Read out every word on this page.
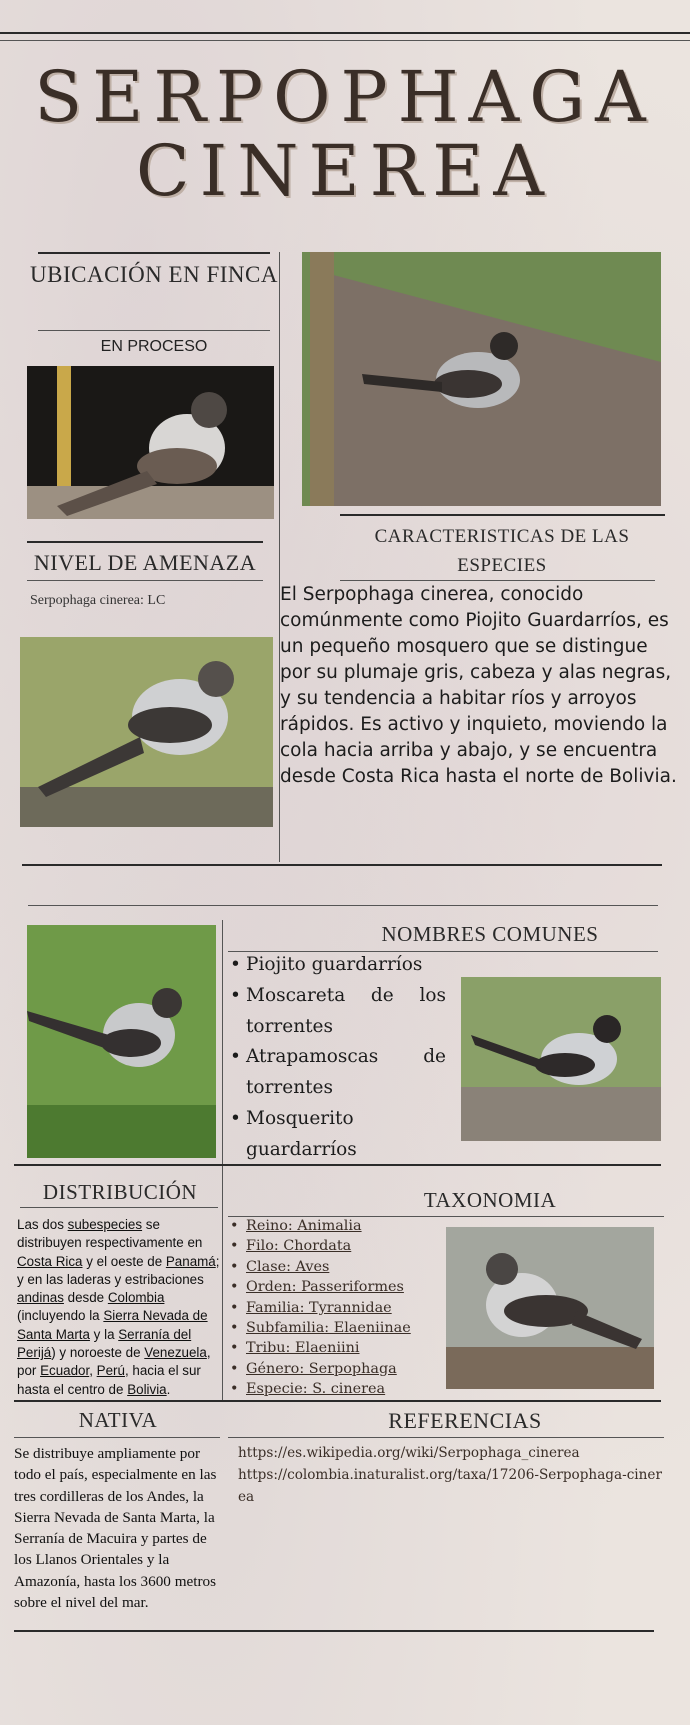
SERPOPHAGA
CINEREA
UBICACIÓN EN FINCA
EN PROCESO
NIVEL DE AMENAZA
Serpophaga cinerea: LC
CARACTERISTICAS DE LAS ESPECIES
El Serpophaga cinerea, conocido comúnmente como Piojito Guardarríos, es un pequeño mosquero que se distingue por su plumaje gris, cabeza y alas negras, y su tendencia a habitar ríos y arroyos rápidos. Es activo y inquieto, moviendo la cola hacia arriba y abajo, y se encuentra desde Costa Rica hasta el norte de Bolivia.
NOMBRES COMUNES
• Piojito guardarríos
• Moscareta de los torrentes
• Atrapamoscas de torrentes
• Mosquerito guardarríos
DISTRIBUCIÓN
Las dos subespecies se distribuyen respectivamente en Costa Rica y el oeste de Panamá; y en las laderas y estribaciones andinas desde Colombia (incluyendo la Sierra Nevada de Santa Marta y la Serranía del Perijá) y noroeste de Venezuela, por Ecuador, Perú, hacia el sur hasta el centro de Bolivia.
TAXONOMIA
• Reino: Animalia
• Filo: Chordata
• Clase: Aves
• Orden: Passeriformes
• Familia: Tyrannidae
• Subfamilia: Elaeniinae
• Tribu: Elaeniini
• Género: Serpophaga
• Especie: S. cinerea
NATIVA
Se distribuye ampliamente por todo el país, especialmente en las tres cordilleras de los Andes, la Sierra Nevada de Santa Marta, la Serranía de Macuira y partes de los Llanos Orientales y la Amazonía, hasta los 3600 metros sobre el nivel del mar.
REFERENCIAS
https://es.wikipedia.org/wiki/Serpophaga_cinerea
https://colombia.inaturalist.org/taxa/17206-Serpophaga-cinerea
